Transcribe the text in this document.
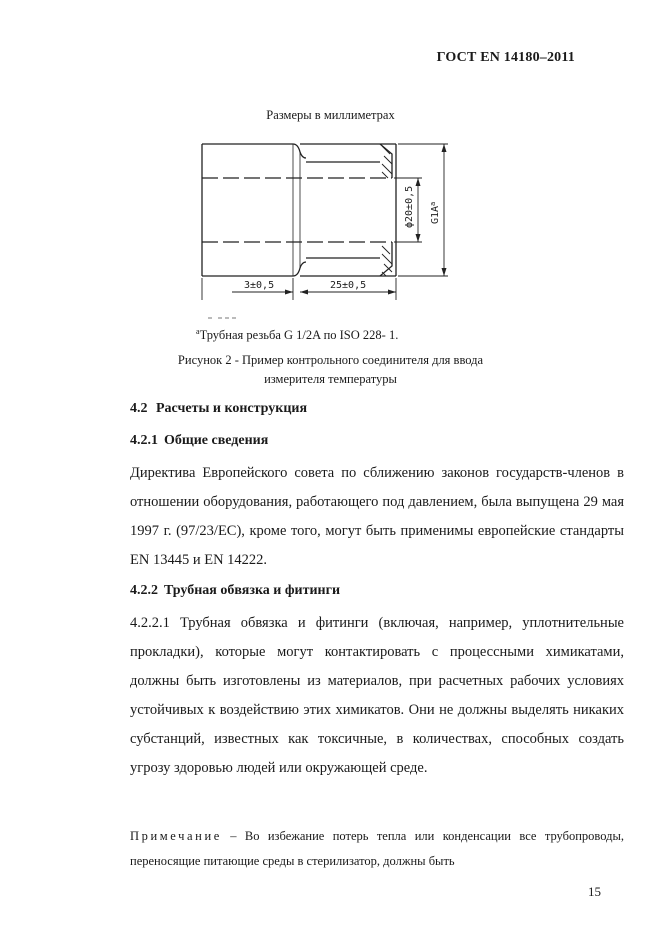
ГОСТ EN 14180–2011
Размеры в миллиметрах
ϕ20±0,5 $G1A^a$
3±0,5	25±0,5
$^a$Трубная резьба G 1/2A по ISO 228- 1.
Рисунок 2 - Пример контрольного соединителя для ввода
измерителя температуры
4.2 Расчеты и конструкция
4.2.1 Общие сведения
Директива Европейского совета по сближению законов государств-членов в отношении оборудования, работающего под давлением, была выпущена 29 мая 1997 г. (97/23/ЕС), кроме того, могут быть применимы европейские стандарты EN 13445 и EN 14222.
4.2.2 Трубная обвязка и фитинги
4.2.2.1 Трубная обвязка и фитинги (включая, например, уплотнительные прокладки), которые могут контактировать с процессными химикатами, должны быть изготовлены из материалов, при расчетных рабочих условиях устойчивых к воздействию этих химикатов. Они не должны выделять никаких субстанций, известных как токсичные, в количествах, способных создать угрозу здоровью людей или окружающей среде.
Примечание – Во избежание потерь тепла или конденсации все трубопроводы, переносящие питающие среды в стерилизатор, должны быть
15
